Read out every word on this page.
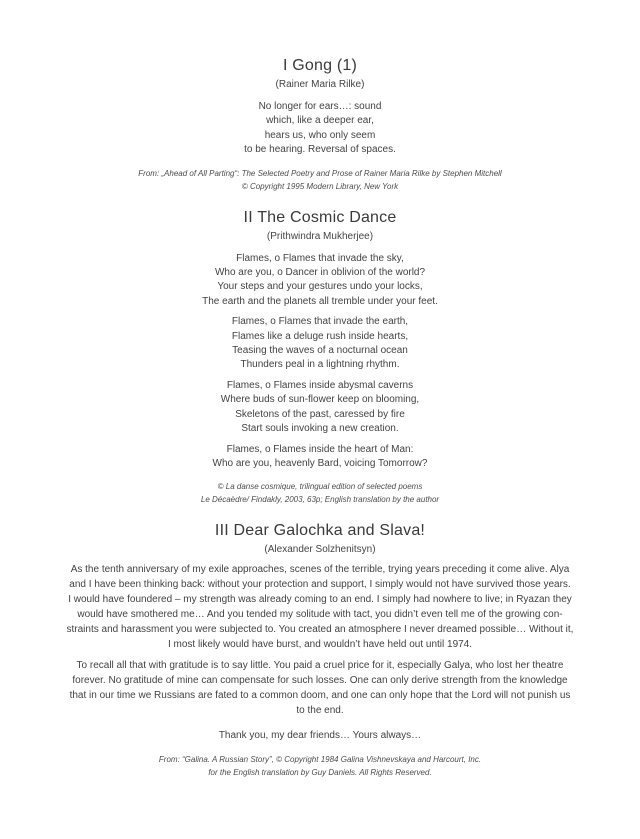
I Gong (1)
(Rainer Maria Rilke)
No longer for ears…: sound
which, like a deeper ear,
hears us, who only seem
to be hearing. Reversal of spaces.
From: „Ahead of All Parting“: The Selected Poetry and Prose of Rainer Maria Rilke by Stephen Mitchell
© Copyright 1995 Modern Library, New York
II The Cosmic Dance
(Prithwindra Mukherjee)
Flames, o Flames that invade the sky,
Who are you, o Dancer in oblivion of the world?
Your steps and your gestures undo your locks,
The earth and the planets all tremble under your feet.
Flames, o Flames that invade the earth,
Flames like a deluge rush inside hearts,
Teasing the waves of a nocturnal ocean
Thunders peal in a lightning rhythm.
Flames, o Flames inside abysmal caverns
Where buds of sun-flower keep on blooming,
Skeletons of the past, caressed by fire
Start souls invoking a new creation.
Flames, o Flames inside the heart of Man:
Who are you, heavenly Bard, voicing Tomorrow?
© La danse cosmique, trilingual edition of selected poems
Le Décaèdre/ Findakly, 2003, 63p; English translation by the author
III Dear Galochka and Slava!
(Alexander Solzhenitsyn)
As the tenth anniversary of my exile approaches, scenes of the terrible, trying years preceding it come alive. Alya
and I have been thinking back: without your protection and support, I simply would not have survived those years.
I would have foundered – my strength was already coming to an end. I simply had nowhere to live; in Ryazan they
would have smothered me… And you tended my solitude with tact, you didn’t even tell me of the growing con-
straints and harassment you were subjected to. You created an atmosphere I never dreamed possible… Without it,
I most likely would have burst, and wouldn’t have held out until 1974.
To recall all that with gratitude is to say little. You paid a cruel price for it, especially Galya, who lost her theatre
forever. No gratitude of mine can compensate for such losses. One can only derive strength from the knowledge
that in our time we Russians are fated to a common doom, and one can only hope that the Lord will not punish us
to the end.
Thank you, my dear friends… Yours always…
From: “Galina. A Russian Story”, © Copyright 1984 Galina Vishnevskaya and Harcourt, Inc.
for the English translation by Guy Daniels. All Rights Reserved.
